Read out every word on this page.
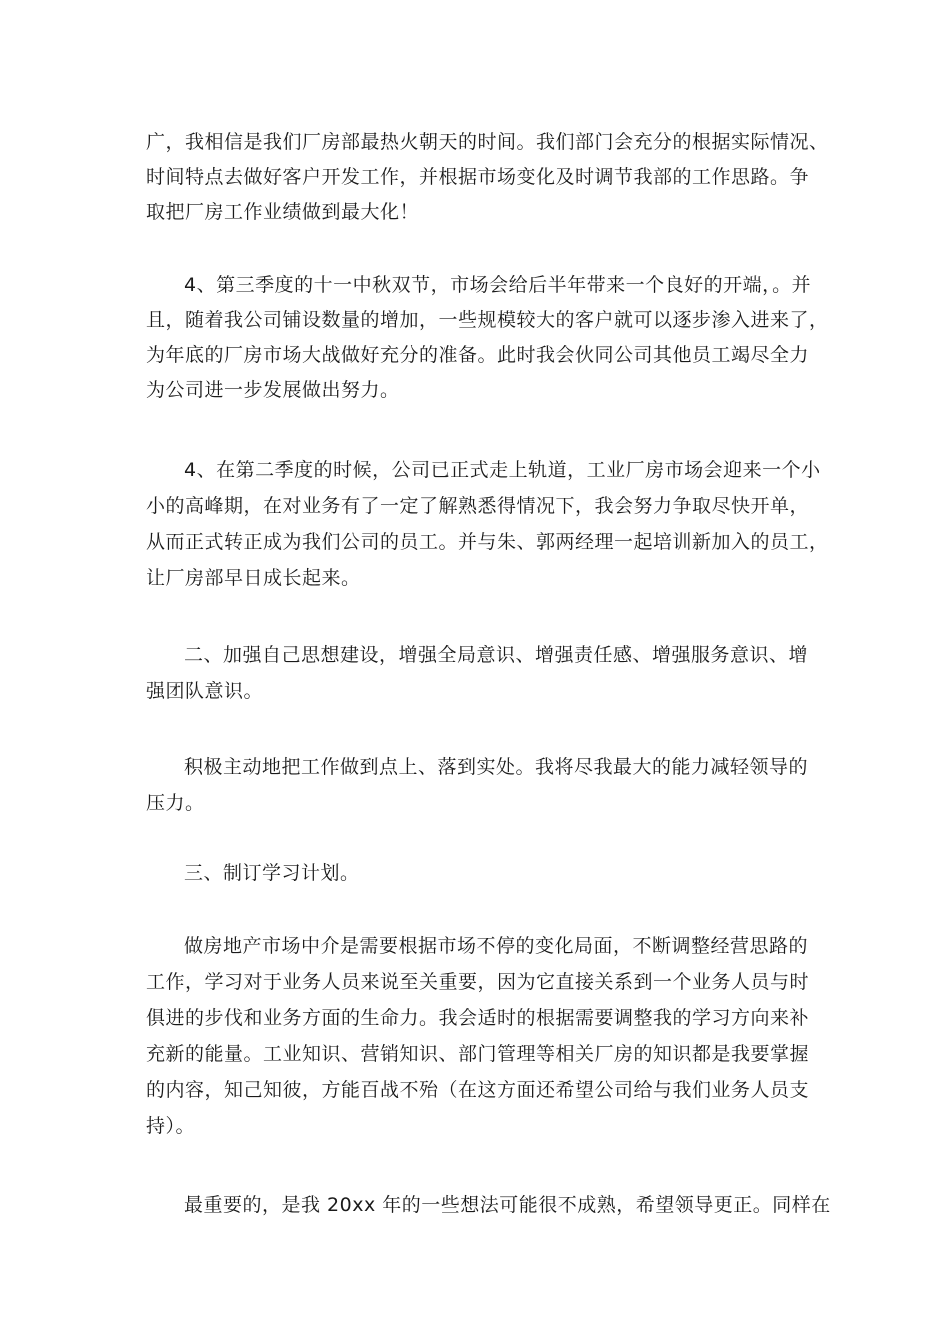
广，我相信是我们厂房部最热火朝天的时间。我们部门会充分的根据实际情况、
时间特点去做好客户开发工作，并根据市场变化及时调节我部的工作思路。争
取把厂房工作业绩做到最大化！
4、第三季度的十一中秋双节，市场会给后半年带来一个良好的开端，。并
且，随着我公司铺设数量的增加，一些规模较大的客户就可以逐步渗入进来了，
为年底的厂房市场大战做好充分的准备。此时我会伙同公司其他员工竭尽全力
为公司进一步发展做出努力。
4、在第二季度的时候，公司已正式走上轨道，工业厂房市场会迎来一个小
小的高峰期，在对业务有了一定了解熟悉得情况下，我会努力争取尽快开单，
从而正式转正成为我们公司的员工。并与朱、郭两经理一起培训新加入的员工，
让厂房部早日成长起来。
二、加强自己思想建设，增强全局意识、增强责任感、增强服务意识、增
强团队意识。
积极主动地把工作做到点上、落到实处。我将尽我最大的能力减轻领导的
压力。
三、制订学习计划。
做房地产市场中介是需要根据市场不停的变化局面，不断调整经营思路的
工作，学习对于业务人员来说至关重要，因为它直接关系到一个业务人员与时
俱进的步伐和业务方面的生命力。我会适时的根据需要调整我的学习方向来补
充新的能量。工业知识、营销知识、部门管理等相关厂房的知识都是我要掌握
的内容，知己知彼，方能百战不殆（在这方面还希望公司给与我们业务人员支
持）。
最重要的，是我 20xx 年的一些想法可能很不成熟，希望领导更正。同样在
